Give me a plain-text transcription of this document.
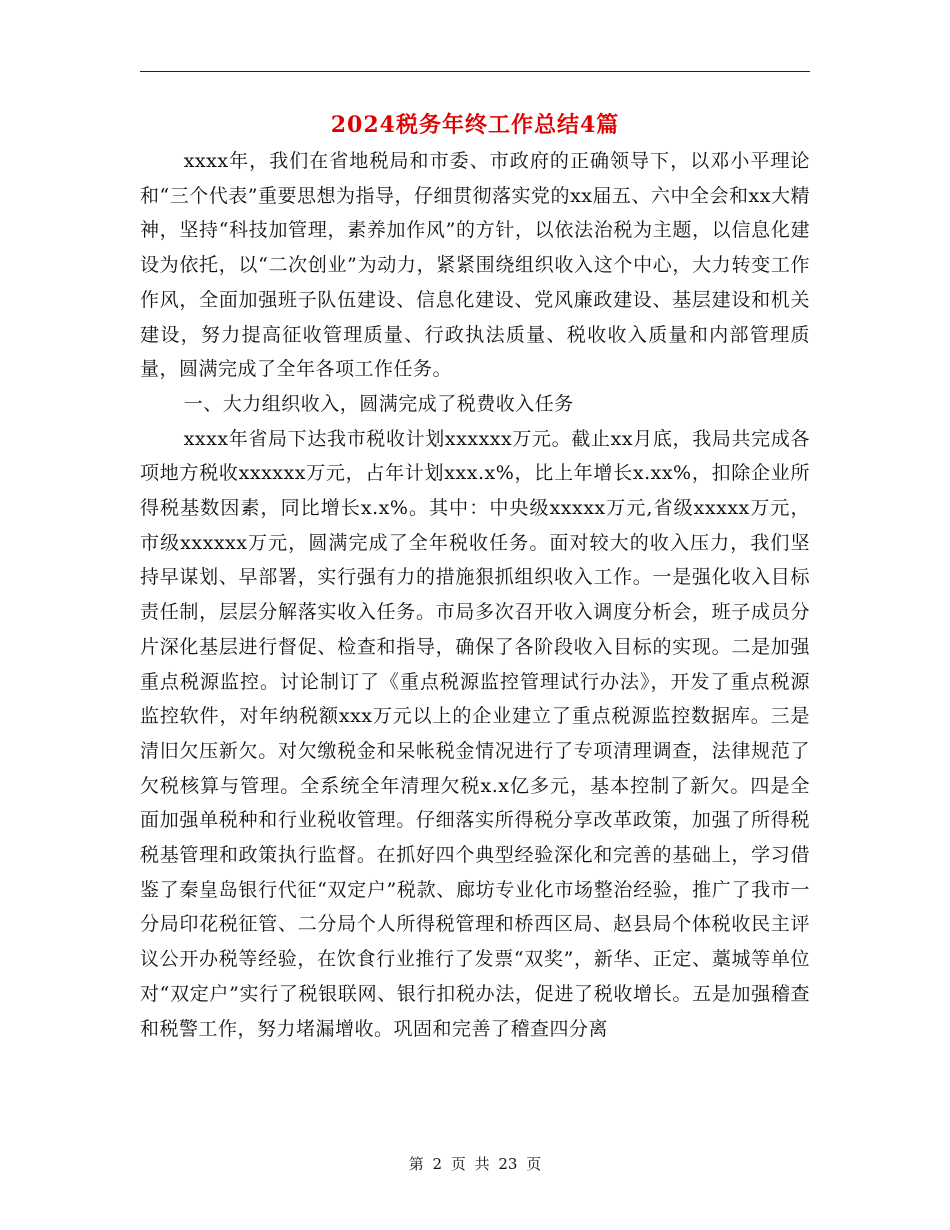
2024税务年终工作总结4篇

xxxx年，我们在省地税局和市委、市政府的正确领导下，以邓小平理论和“三个代表”重要思想为指导，仔细贯彻落实党的xx届五、六中全会和xx大精神，坚持“科技加管理，素养加作风”的方针，以依法治税为主题，以信息化建设为依托，以“二次创业”为动力，紧紧围绕组织收入这个中心，大力转变工作作风，全面加强班子队伍建设、信息化建设、党风廉政建设、基层建设和机关建设，努力提高征收管理质量、行政执法质量、税收收入质量和内部管理质量，圆满完成了全年各项工作任务。

一、大力组织收入，圆满完成了税费收入任务

xxxx年省局下达我市税收计划xxxxxx万元。截止xx月底，我局共完成各项地方税收xxxxxx万元，占年计划xxx.x%，比上年增长x.xx%，扣除企业所得税基数因素，同比增长x.x%。其中：中央级xxxxx万元,省级xxxxx万元，市级xxxxxx万元，圆满完成了全年税收任务。面对较大的收入压力，我们坚持早谋划、早部署，实行强有力的措施狠抓组织收入工作。一是强化收入目标责任制，层层分解落实收入任务。市局多次召开收入调度分析会，班子成员分片深化基层进行督促、检查和指导，确保了各阶段收入目标的实现。二是加强重点税源监控。讨论制订了《重点税源监控管理试行办法》，开发了重点税源监控软件，对年纳税额xxx万元以上的企业建立了重点税源监控数据库。三是清旧欠压新欠。对欠缴税金和呆帐税金情况进行了专项清理调查，法律规范了欠税核算与管理。全系统全年清理欠税x.x亿多元，基本控制了新欠。四是全面加强单税种和行业税收管理。仔细落实所得税分享改革政策，加强了所得税税基管理和政策执行监督。在抓好四个典型经验深化和完善的基础上，学习借鉴了秦皇岛银行代征“双定户”税款、廊坊专业化市场整治经验，推广了我市一分局印花税征管、二分局个人所得税管理和桥西区局、赵县局个体税收民主评议公开办税等经验，在饮食行业推行了发票“双奖”，新华、正定、藁城等单位对“双定户”实行了税银联网、银行扣税办法，促进了税收增长。五是加强稽查和税警工作，努力堵漏增收。巩固和完善了稽查四分离

第 2 页 共 23 页
